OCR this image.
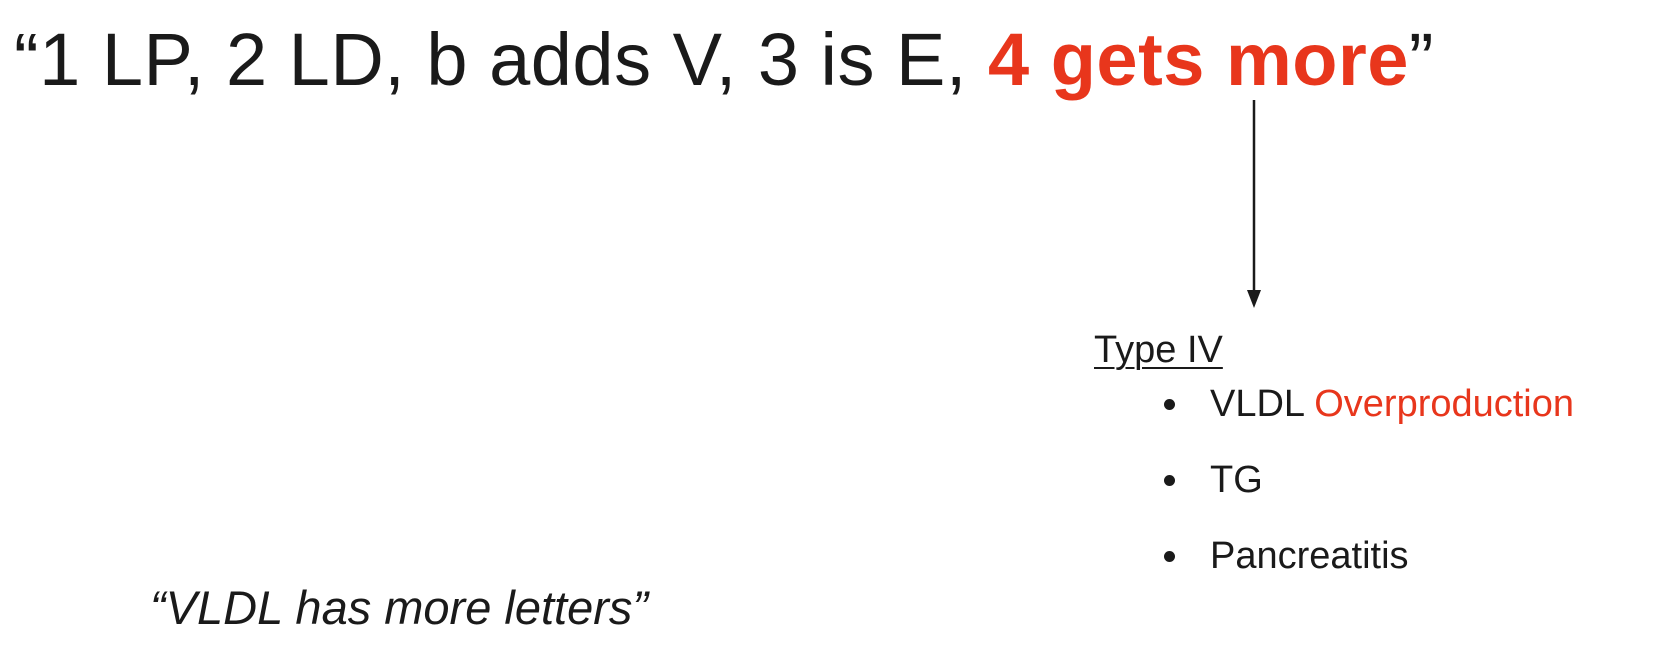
“1 LP, 2 LD, b adds V, 3 is E, 4 gets more”
Type IV
VLDL Overproduction
TG
Pancreatitis
“VLDL has more letters”
